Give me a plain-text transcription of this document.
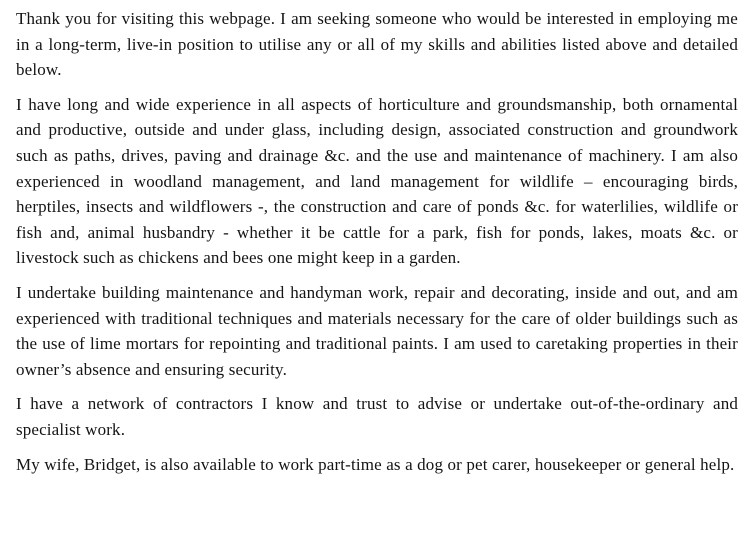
Thank you for visiting this webpage. I am seeking someone who would be interested in employing me in a long-term, live-in position to utilise any or all of my skills and abilities listed above and detailed below.

I have long and wide experience in all aspects of horticulture and groundsmanship, both ornamental and productive, outside and under glass, including design, associated construction and groundwork such as paths, drives, paving and drainage &c. and the use and maintenance of machinery. I am also experienced in woodland management, and land management for wildlife – encouraging birds, herptiles, insects and wildflowers -, the construction and care of ponds &c. for waterlilies, wildlife or fish and, animal husbandry - whether it be cattle for a park, fish for ponds, lakes, moats &c. or livestock such as chickens and bees one might keep in a garden.

I undertake building maintenance and handyman work, repair and decorating, inside and out, and am experienced with traditional techniques and materials necessary for the care of older buildings such as the use of lime mortars for repointing and traditional paints. I am used to caretaking properties in their owner’s absence and ensuring security.

I have a network of contractors I know and trust to advise or undertake out-of-the-ordinary and specialist work.

My wife, Bridget, is also available to work part-time as a dog or pet carer, housekeeper or general help.
